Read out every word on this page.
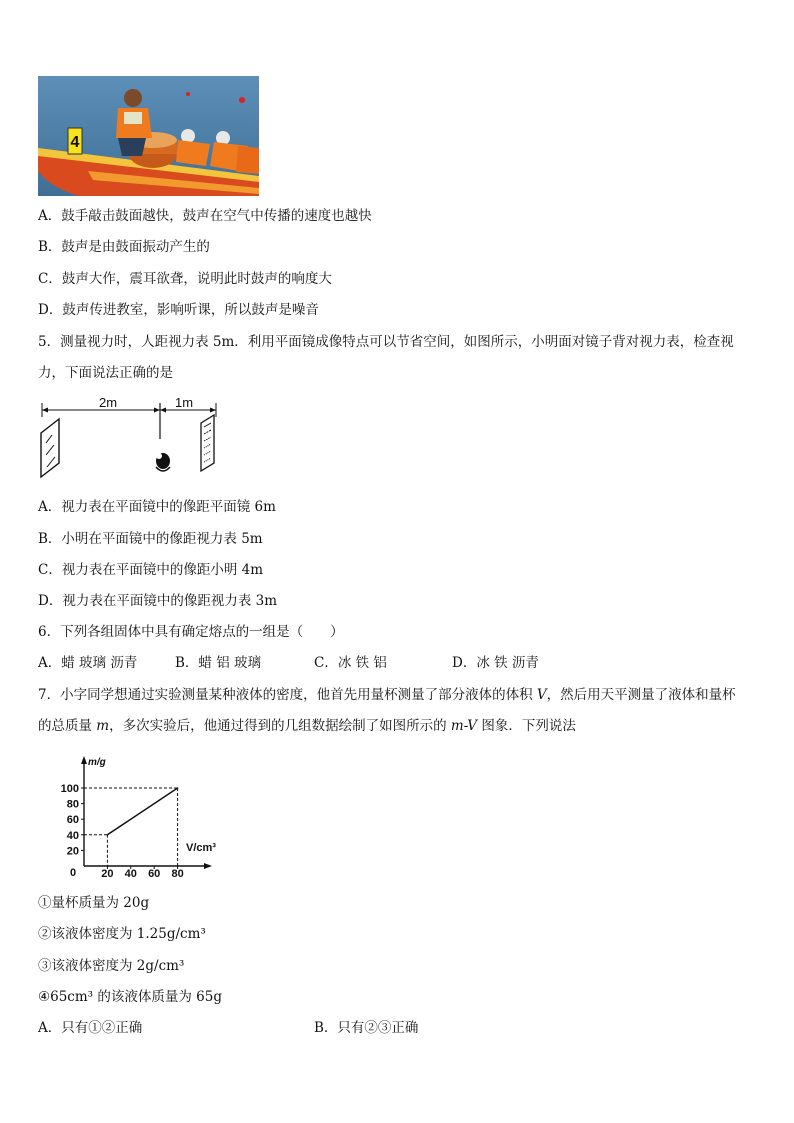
4
A．鼓手敲击鼓面越快，鼓声在空气中传播的速度也越快
B．鼓声是由鼓面振动产生的
C．鼓声大作，震耳欲聋，说明此时鼓声的响度大
D．鼓声传进教室，影响听课，所以鼓声是噪音
5．测量视力时，人距视力表 5m．利用平面镜成像特点可以节省空间，如图所示，小明面对镜子背对视力表，检查视
力，下面说法正确的是
2m	1m
A．视力表在平面镜中的像距平面镜 6m
B．小明在平面镜中的像距视力表 5m
C．视力表在平面镜中的像距小明 4m
D．视力表在平面镜中的像距视力表 3m
6．下列各组固体中具有确定熔点的一组是（　　）
A．蜡 玻璃 沥青	B．蜡 铝 玻璃	C．冰 铁 铝	D．冰 铁 沥青
7．小字同学想通过实验测量某种液体的密度，他首先用量杯测量了部分液体的体积 V，然后用天平测量了液体和量杯
的总质量 m，多次实验后，他通过得到的几组数据绘制了如图所示的 m-V 图象．下列说法
m/g
V/cm³
0
20
40
60
80
100
20 40 60 80
①量杯质量为 20g
②该液体密度为 1.25g/cm³
③该液体密度为 2g/cm³
④65cm³ 的该液体质量为 65g
A．只有①②正确	B．只有②③正确
